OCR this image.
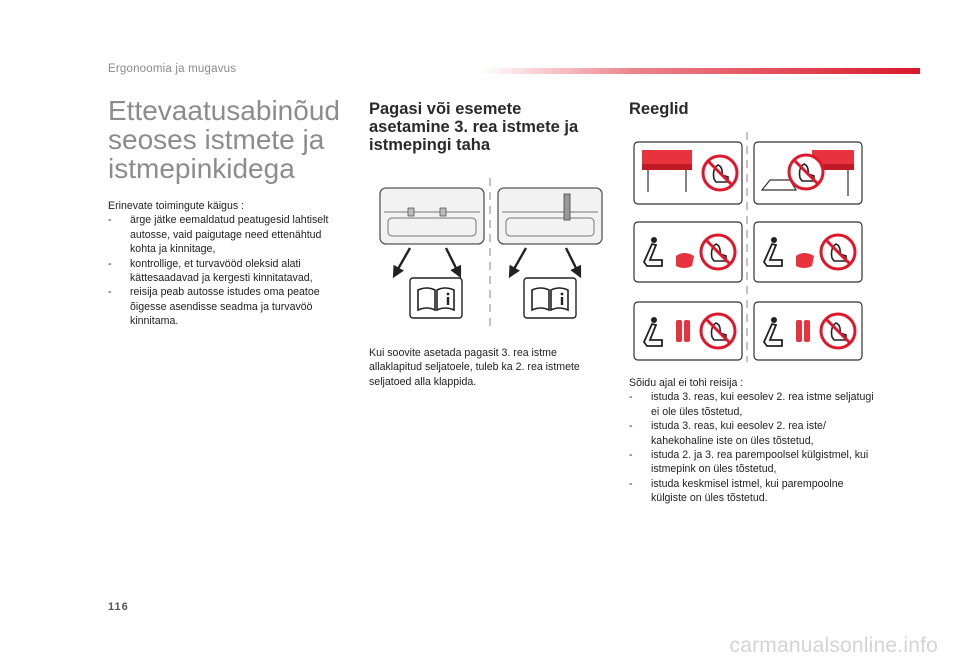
Ergonoomia ja mugavus
Ettevaatusabinõud
seoses istmete ja
istmepinkidega
Erinevate toimingute käigus :
- ärge jätke eemaldatud peatugesid lahtiselt autosse, vaid paigutage need ettenähtud kohta ja kinnitage,
- kontrollige, et turvavööd oleksid alati kättesaadavad ja kergesti kinnitatavad,
- reisija peab autosse istudes oma peatoe õigesse asendisse seadma ja turvavöö kinnitama.
Pagasi või esemete
asetamine 3. rea istmete ja
istmepingi taha
Kui soovite asetada pagasit 3. rea istme
allaklapitud seljatoele, tuleb ka 2. rea istmete
seljatoed alla klappida.
Reeglid
Sõidu ajal ei tohi reisija :
- istuda 3. reas, kui eesolev 2. rea istme seljatugi ei ole üles tõstetud,
- istuda 3. reas, kui eesolev 2. rea iste/ kahekohaline iste on üles tõstetud,
- istuda 2. ja 3. rea parempoolsel külgistmel, kui istmepink on üles tõstetud,
- istuda keskmisel istmel, kui parempoolne külgiste on üles tõstetud.
116
carmanualsonline.info
